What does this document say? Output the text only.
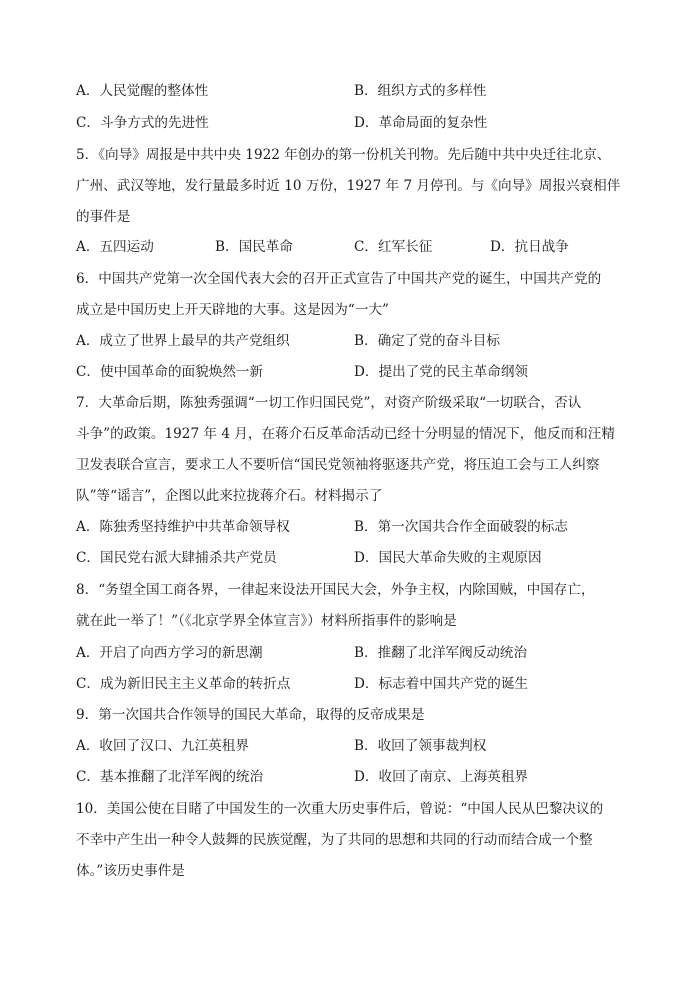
A．人民觉醒的整体性	B．组织方式的多样性
C．斗争方式的先进性	D．革命局面的复杂性
5．《向导》周报是中共中央 1922 年创办的第一份机关刊物。先后随中共中央迁往北京、
广州、武汉等地，发行量最多时近 10 万份，1927 年 7 月停刊。与《向导》周报兴衰相伴
的事件是
A．五四运动	B．国民革命	C．红军长征	D．抗日战争
6．中国共产党第一次全国代表大会的召开正式宣告了中国共产党的诞生，中国共产党的
成立是中国历史上开天辟地的大事。这是因为“一大”
A．成立了世界上最早的共产党组织	B．确定了党的奋斗目标
C．使中国革命的面貌焕然一新	D．提出了党的民主革命纲领
7．大革命后期，陈独秀强调“一切工作归国民党”，对资产阶级采取“一切联合，否认
斗争”的政策。1927 年 4 月，在蒋介石反革命活动已经十分明显的情况下，他反而和汪精
卫发表联合宣言，要求工人不要听信“国民党领袖将驱逐共产党，将压迫工会与工人纠察
队”等“谣言”，企图以此来拉拢蒋介石。材料揭示了
A．陈独秀坚持维护中共革命领导权	B．第一次国共合作全面破裂的标志
C．国民党右派大肆捕杀共产党员	D．国民大革命失败的主观原因
8．“务望全国工商各界，一律起来设法开国民大会，外争主权，内除国贼，中国存亡，
就在此一举了！”（《北京学界全体宣言》）材料所指事件的影响是
A．开启了向西方学习的新思潮	B．推翻了北洋军阀反动统治
C．成为新旧民主主义革命的转折点	D．标志着中国共产党的诞生
9．第一次国共合作领导的国民大革命，取得的反帝成果是
A．收回了汉口、九江英租界	B．收回了领事裁判权
C．基本推翻了北洋军阀的统治	D．收回了南京、上海英租界
10．美国公使在目睹了中国发生的一次重大历史事件后，曾说：“中国人民从巴黎决议的
不幸中产生出一种令人鼓舞的民族觉醒，为了共同的思想和共同的行动而结合成一个整
体。”该历史事件是
